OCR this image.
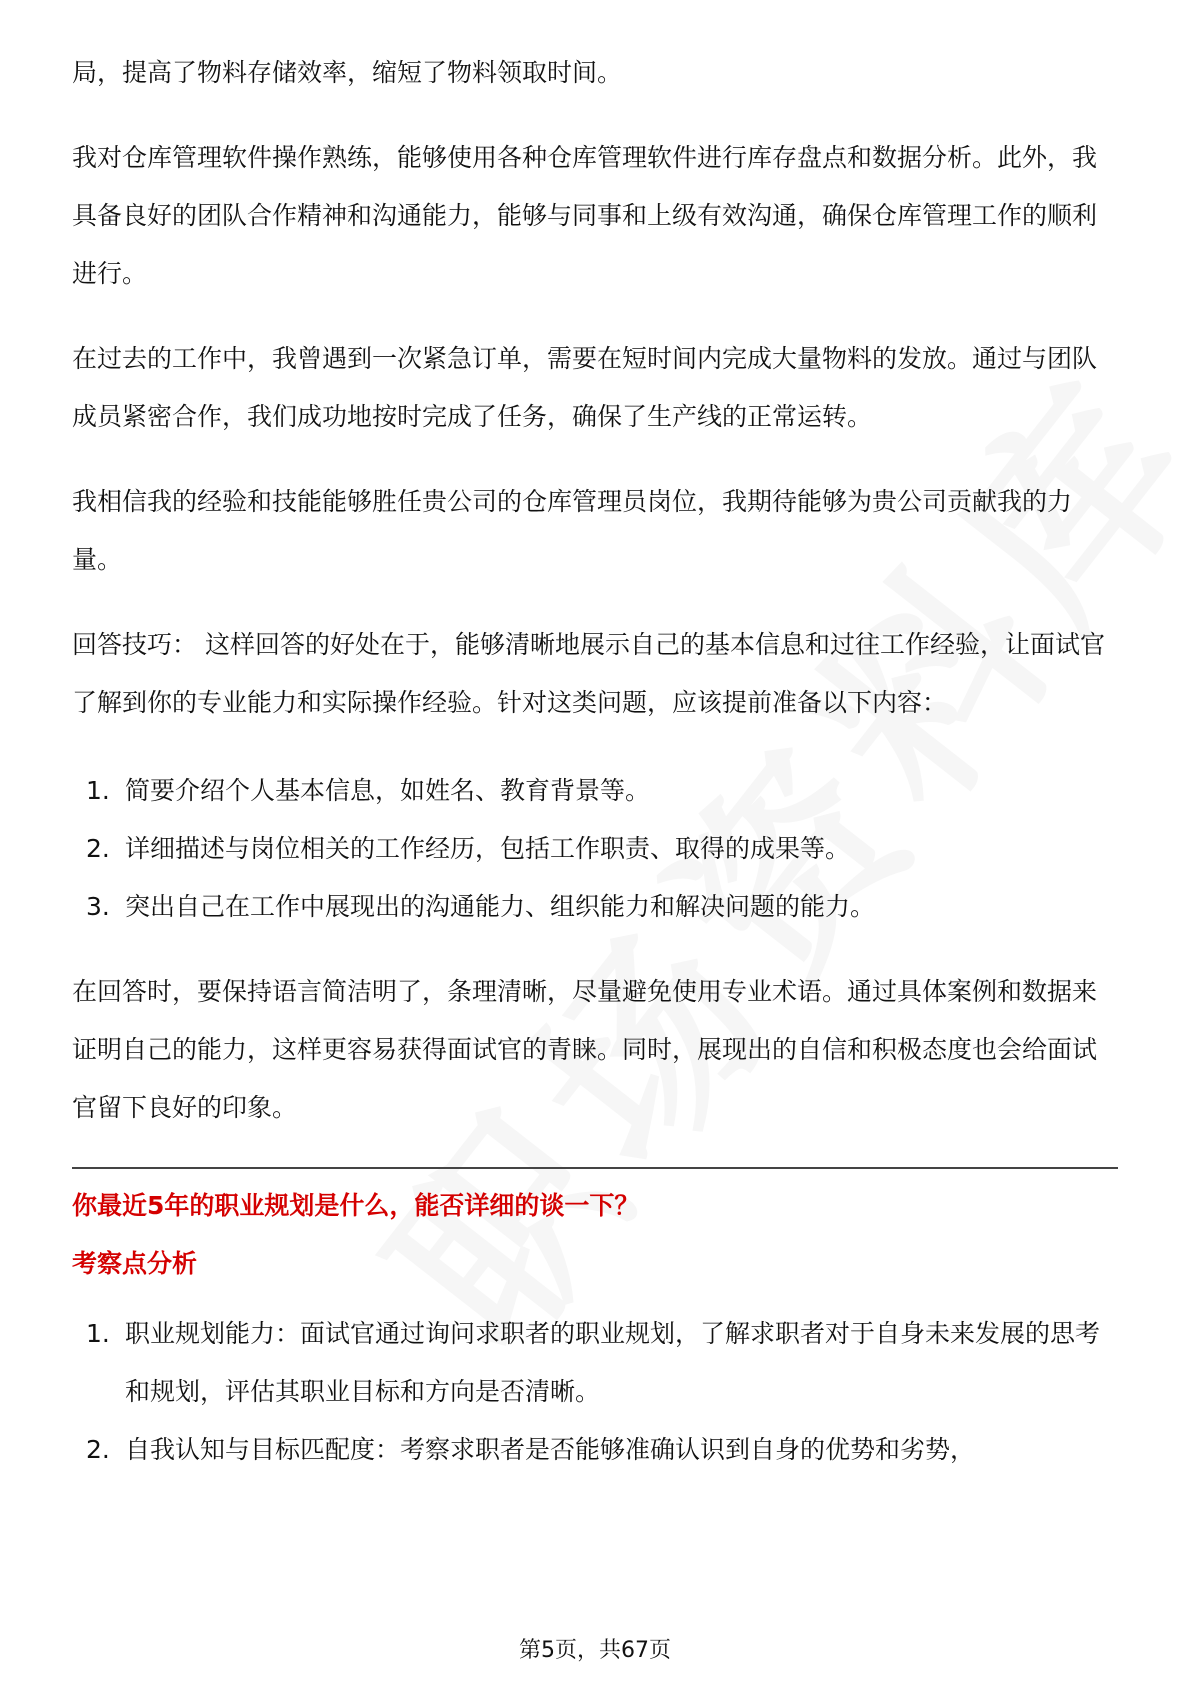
局，提高了物料存储效率，缩短了物料领取时间。

我对仓库管理软件操作熟练，能够使用各种仓库管理软件进行库存盘点和数据分析。此外，我具备良好的团队合作精神和沟通能力，能够与同事和上级有效沟通，确保仓库管理工作的顺利进行。

在过去的工作中，我曾遇到一次紧急订单，需要在短时间内完成大量物料的发放。通过与团队成员紧密合作，我们成功地按时完成了任务，确保了生产线的正常运转。

我相信我的经验和技能能够胜任贵公司的仓库管理员岗位，我期待能够为贵公司贡献我的力量。

回答技巧： 这样回答的好处在于，能够清晰地展示自己的基本信息和过往工作经验，让面试官了解到你的专业能力和实际操作经验。针对这类问题，应该提前准备以下内容：

1. 简要介绍个人基本信息，如姓名、教育背景等。
2. 详细描述与岗位相关的工作经历，包括工作职责、取得的成果等。
3. 突出自己在工作中展现出的沟通能力、组织能力和解决问题的能力。

在回答时，要保持语言简洁明了，条理清晰，尽量避免使用专业术语。通过具体案例和数据来证明自己的能力，这样更容易获得面试官的青睐。同时，展现出的自信和积极态度也会给面试官留下良好的印象。

你最近5年的职业规划是什么，能否详细的谈一下？
考察点分析
1. 职业规划能力：面试官通过询问求职者的职业规划，了解求职者对于自身未来发展的思考和规划，评估其职业目标和方向是否清晰。
2. 自我认知与目标匹配度：考察求职者是否能够准确认识到自身的优势和劣势，
第5页，共67页
